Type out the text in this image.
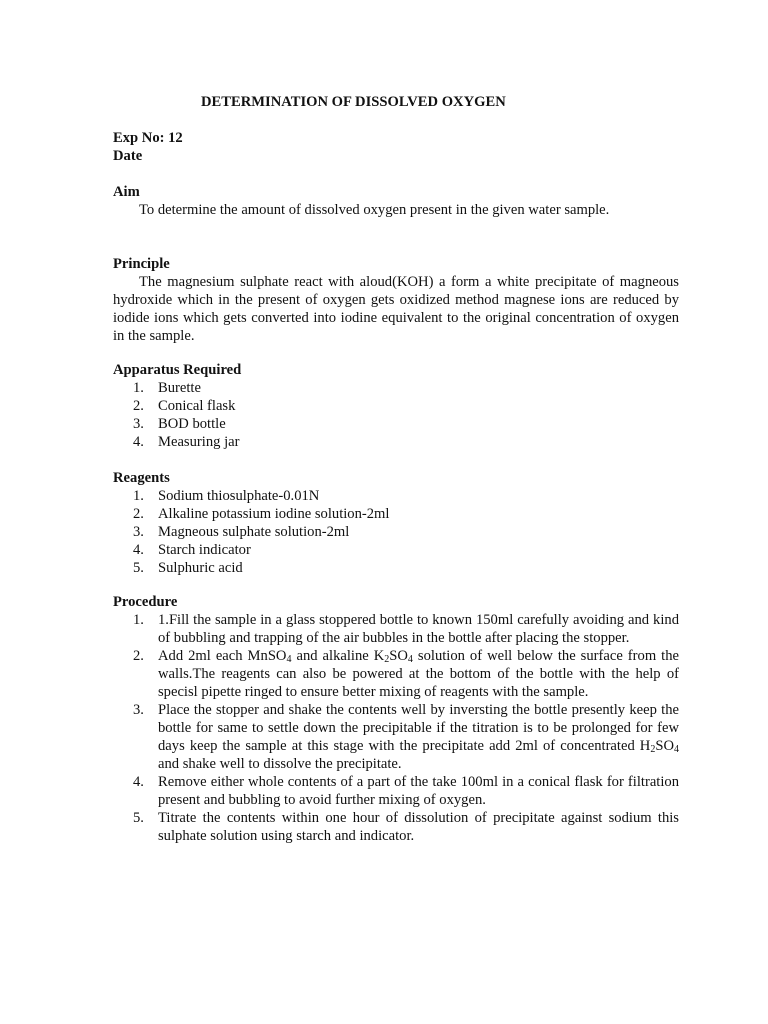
DETERMINATION OF DISSOLVED OXYGEN
Exp No: 12
Date
Aim
To determine the amount of dissolved oxygen present in the given water sample.
Principle
The magnesium sulphate react with aloud(KOH) a form a white precipitate of magneous hydroxide which in the present of oxygen gets oxidized method magnese ions are reduced by iodide ions which gets converted into iodine equivalent to the original concentration of oxygen in the sample.
Apparatus Required
1. Burette
2. Conical flask
3. BOD bottle
4. Measuring jar
Reagents
1. Sodium thiosulphate-0.01N
2. Alkaline potassium iodine solution-2ml
3. Magneous sulphate solution-2ml
4. Starch indicator
5. Sulphuric acid
Procedure
1. 1.Fill the sample in a glass stoppered bottle to known 150ml carefully avoiding and kind of bubbling and trapping of the air bubbles in the bottle after placing the stopper.
2. Add 2ml each MnSO$_4$ and alkaline $K_2SO_4$ solution of well below the surface from the walls.The reagents can also be powered at the bottom of the bottle with the help of specisl pipette ringed to ensure better mixing of reagents with the sample.
3. Place the stopper and shake the contents well by inversting the bottle presently keep the bottle for same to settle down the precipitable if the titration is to be prolonged for few days keep the sample at this stage with the precipitate add 2ml of concentrated $H_2SO_4$ and shake well to dissolve the precipitate.
4. Remove either whole contents of a part of the take 100ml in a conical flask for filtration present and bubbling to avoid further mixing of oxygen.
5. Titrate the contents within one hour of dissolution of precipitate against sodium this sulphate solution using starch and indicator.
